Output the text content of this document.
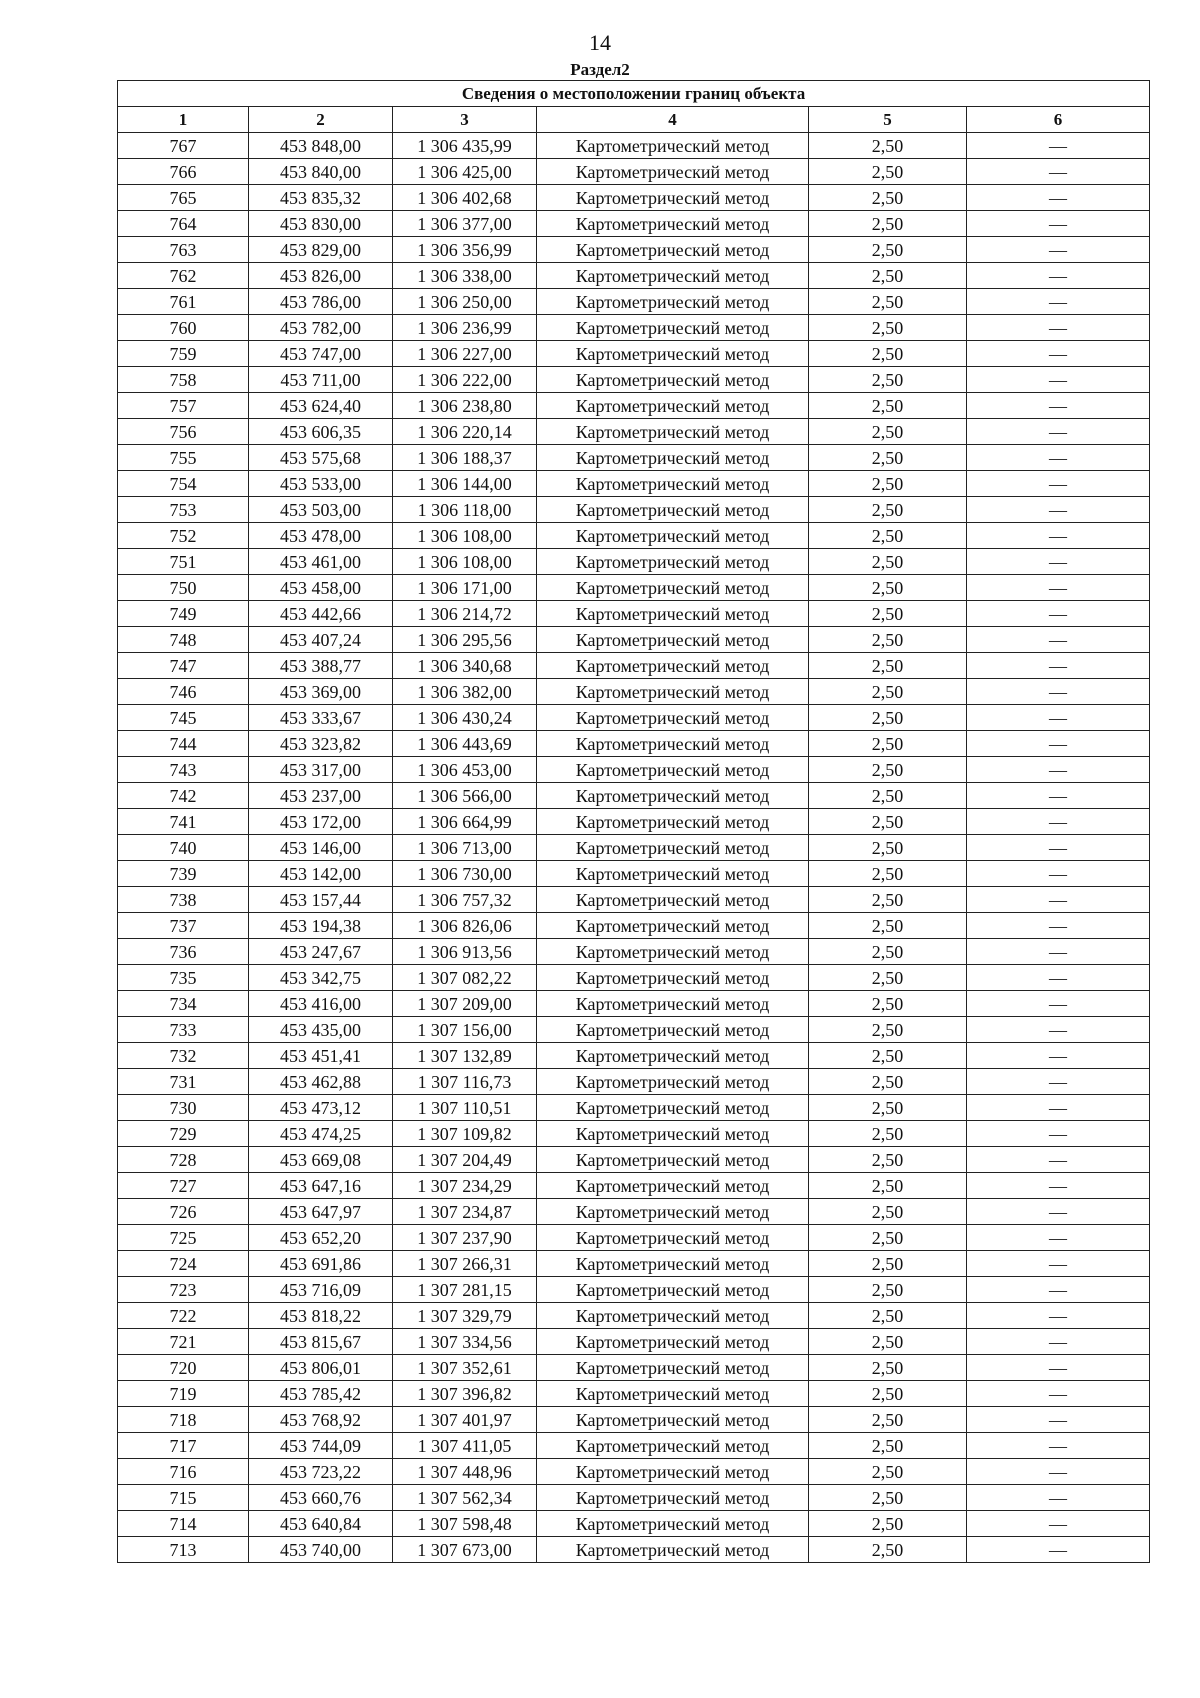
14
Раздел2
Сведения о местоположении границ объекта					
1	2	3	4	5	6
767	453 848,00	1 306 435,99	Картометрический метод	2,50	—
766	453 840,00	1 306 425,00	Картометрический метод	2,50	—
765	453 835,32	1 306 402,68	Картометрический метод	2,50	—
764	453 830,00	1 306 377,00	Картометрический метод	2,50	—
763	453 829,00	1 306 356,99	Картометрический метод	2,50	—
762	453 826,00	1 306 338,00	Картометрический метод	2,50	—
761	453 786,00	1 306 250,00	Картометрический метод	2,50	—
760	453 782,00	1 306 236,99	Картометрический метод	2,50	—
759	453 747,00	1 306 227,00	Картометрический метод	2,50	—
758	453 711,00	1 306 222,00	Картометрический метод	2,50	—
757	453 624,40	1 306 238,80	Картометрический метод	2,50	—
756	453 606,35	1 306 220,14	Картометрический метод	2,50	—
755	453 575,68	1 306 188,37	Картометрический метод	2,50	—
754	453 533,00	1 306 144,00	Картометрический метод	2,50	—
753	453 503,00	1 306 118,00	Картометрический метод	2,50	—
752	453 478,00	1 306 108,00	Картометрический метод	2,50	—
751	453 461,00	1 306 108,00	Картометрический метод	2,50	—
750	453 458,00	1 306 171,00	Картометрический метод	2,50	—
749	453 442,66	1 306 214,72	Картометрический метод	2,50	—
748	453 407,24	1 306 295,56	Картометрический метод	2,50	—
747	453 388,77	1 306 340,68	Картометрический метод	2,50	—
746	453 369,00	1 306 382,00	Картометрический метод	2,50	—
745	453 333,67	1 306 430,24	Картометрический метод	2,50	—
744	453 323,82	1 306 443,69	Картометрический метод	2,50	—
743	453 317,00	1 306 453,00	Картометрический метод	2,50	—
742	453 237,00	1 306 566,00	Картометрический метод	2,50	—
741	453 172,00	1 306 664,99	Картометрический метод	2,50	—
740	453 146,00	1 306 713,00	Картометрический метод	2,50	—
739	453 142,00	1 306 730,00	Картометрический метод	2,50	—
738	453 157,44	1 306 757,32	Картометрический метод	2,50	—
737	453 194,38	1 306 826,06	Картометрический метод	2,50	—
736	453 247,67	1 306 913,56	Картометрический метод	2,50	—
735	453 342,75	1 307 082,22	Картометрический метод	2,50	—
734	453 416,00	1 307 209,00	Картометрический метод	2,50	—
733	453 435,00	1 307 156,00	Картометрический метод	2,50	—
732	453 451,41	1 307 132,89	Картометрический метод	2,50	—
731	453 462,88	1 307 116,73	Картометрический метод	2,50	—
730	453 473,12	1 307 110,51	Картометрический метод	2,50	—
729	453 474,25	1 307 109,82	Картометрический метод	2,50	—
728	453 669,08	1 307 204,49	Картометрический метод	2,50	—
727	453 647,16	1 307 234,29	Картометрический метод	2,50	—
726	453 647,97	1 307 234,87	Картометрический метод	2,50	—
725	453 652,20	1 307 237,90	Картометрический метод	2,50	—
724	453 691,86	1 307 266,31	Картометрический метод	2,50	—
723	453 716,09	1 307 281,15	Картометрический метод	2,50	—
722	453 818,22	1 307 329,79	Картометрический метод	2,50	—
721	453 815,67	1 307 334,56	Картометрический метод	2,50	—
720	453 806,01	1 307 352,61	Картометрический метод	2,50	—
719	453 785,42	1 307 396,82	Картометрический метод	2,50	—
718	453 768,92	1 307 401,97	Картометрический метод	2,50	—
717	453 744,09	1 307 411,05	Картометрический метод	2,50	—
716	453 723,22	1 307 448,96	Картометрический метод	2,50	—
715	453 660,76	1 307 562,34	Картометрический метод	2,50	—
714	453 640,84	1 307 598,48	Картометрический метод	2,50	—
713	453 740,00	1 307 673,00	Картометрический метод	2,50	—
